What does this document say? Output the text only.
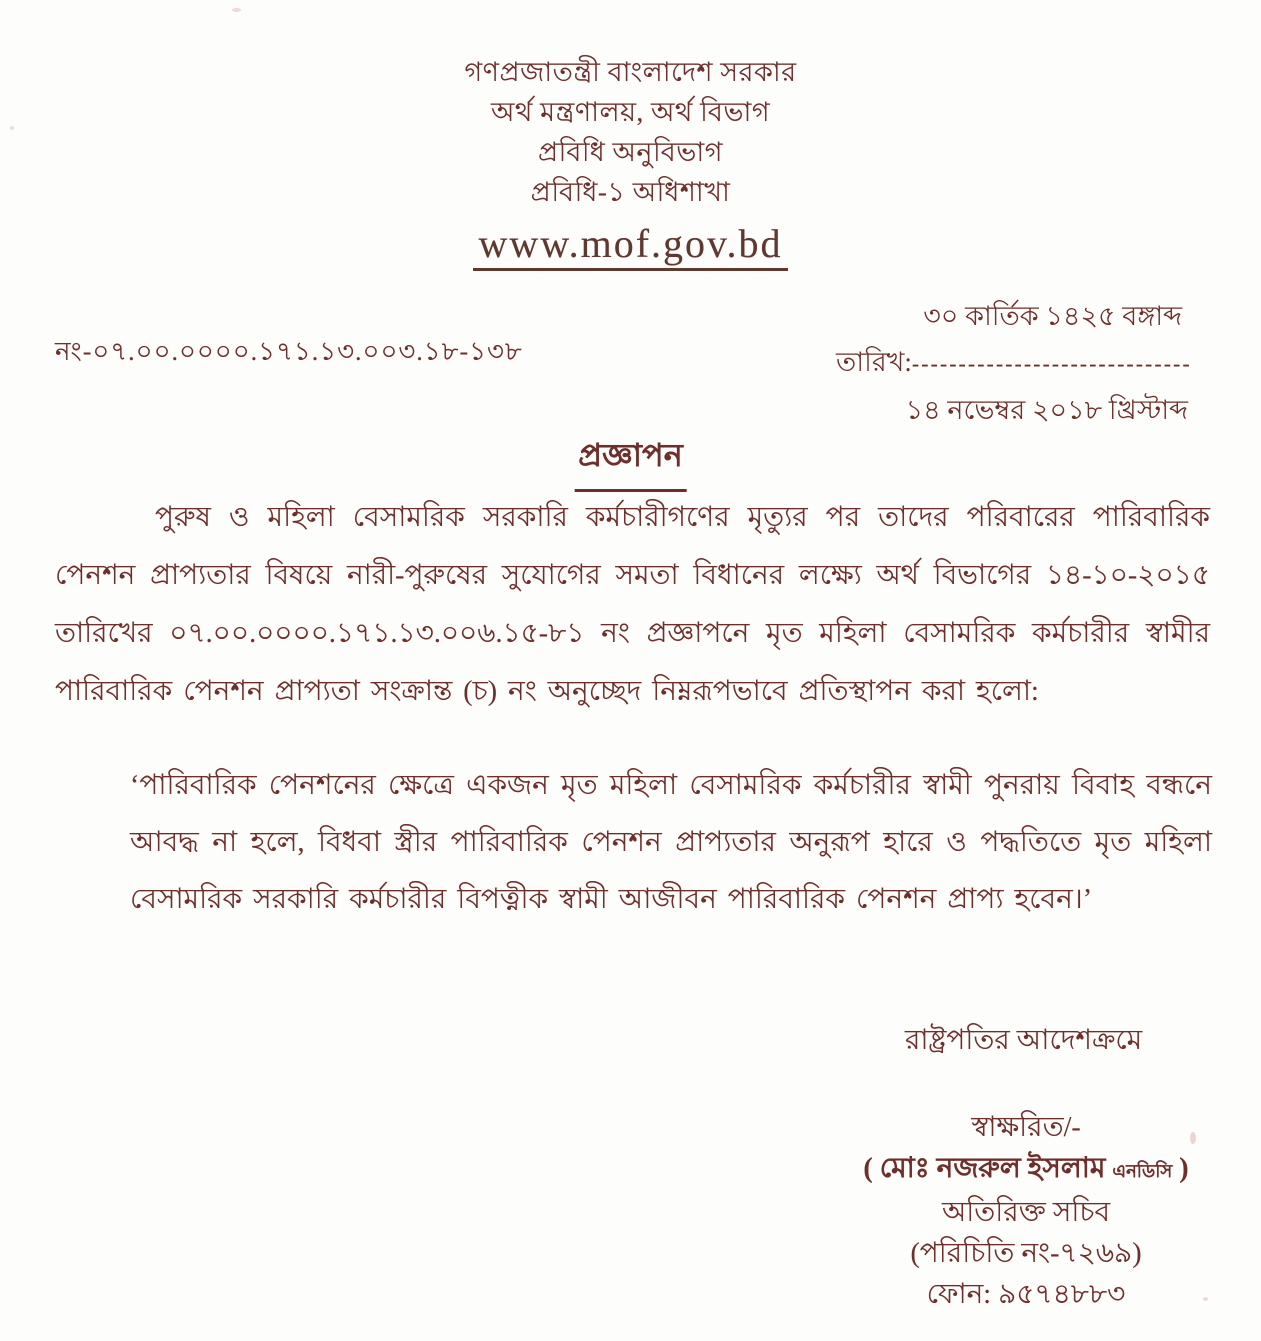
গণপ্রজাতন্ত্রী বাংলাদেশ সরকার
অর্থ মন্ত্রণালয়, অর্থ বিভাগ
প্রবিধি অনুবিভাগ
প্রবিধি-১ অধিশাখা
www.mof.gov.bd
নং-০৭.০০.০০০০.১৭১.১৩.০০৩.১৮-১৩৮
৩০ কার্তিক ১৪২৫ বঙ্গাব্দ
তারিখ: ------------------------------
১৪ নভেম্বর ২০১৮ খ্রিস্টাব্দ
প্রজ্ঞাপন
পুরুষ ও মহিলা বেসামরিক সরকারি কর্মচারীগণের মৃত্যুর পর তাদের পরিবারের পারিবারিক পেনশন প্রাপ্যতার বিষয়ে নারী-পুরুষের সুযোগের সমতা বিধানের লক্ষ্যে অর্থ বিভাগের ১৪-১০-২০১৫ তারিখের ০৭.০০.০০০০.১৭১.১৩.০০৬.১৫-৮১ নং প্রজ্ঞাপনে মৃত মহিলা বেসামরিক কর্মচারীর স্বামীর পারিবারিক পেনশন প্রাপ্যতা সংক্রান্ত (চ) নং অনুচ্ছেদ নিম্নরূপভাবে প্রতিস্থাপন করা হলো:
‘পারিবারিক পেনশনের ক্ষেত্রে একজন মৃত মহিলা বেসামরিক কর্মচারীর স্বামী পুনরায় বিবাহ বন্ধনে আবদ্ধ না হলে, বিধবা স্ত্রীর পারিবারিক পেনশন প্রাপ্যতার অনুরূপ হারে ও পদ্ধতিতে মৃত মহিলা বেসামরিক সরকারি কর্মচারীর বিপত্নীক স্বামী আজীবন পারিবারিক পেনশন প্রাপ্য হবেন।’
রাষ্ট্রপতির আদেশক্রমে
স্বাক্ষরিত/-
( মোঃ নজরুল ইসলাম এনডিসি )
অতিরিক্ত সচিব
(পরিচিতি নং-৭২৬৯)
ফোন: ৯৫৭৪৮৮৩
